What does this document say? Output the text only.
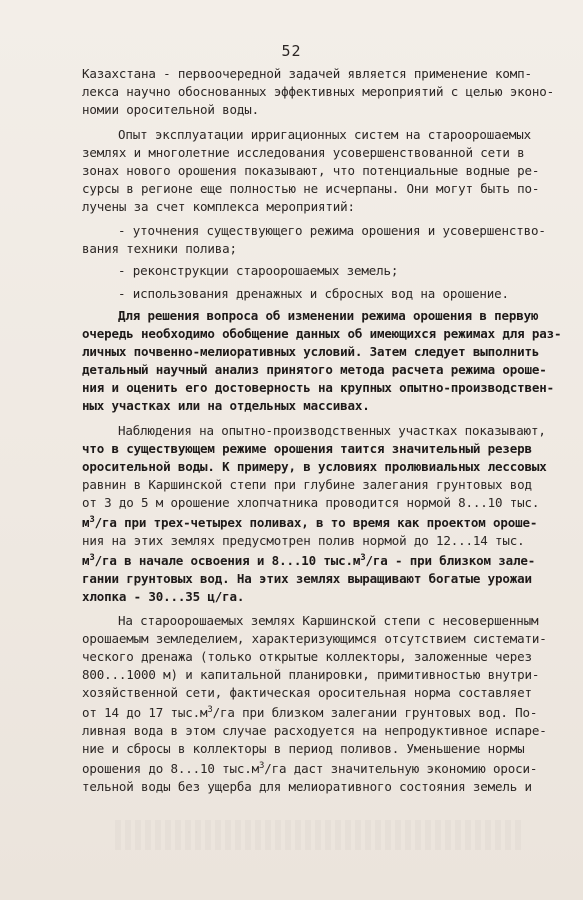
52
Казахстана - первоочередной задачей является применение комп-
лекса научно обоснованных эффективных мероприятий с целью эконо-
номии оросительной воды.
Опыт эксплуатации ирригационных систем на староорошаемых
землях и многолетние исследования усовершенствованной сети в
зонах нового орошения показывают, что потенциальные водные ре-
сурсы в регионе еще полностью не исчерпаны. Они могут быть по-
лучены за счет комплекса мероприятий:
- уточнения существующего режима орошения и усовершенство-
вания техники полива;
- реконструкции староорошаемых земель;
- использования дренажных и сбросных вод на орошение.
Для решения вопроса об изменении режима орошения в первую
очередь необходимо обобщение данных об имеющихся режимах для раз-
личных почвенно-мелиоративных условий. Затем следует выполнить
детальный научный анализ принятого метода расчета режима ороше-
ния и оценить его достоверность на крупных опытно-производствен-
ных участках или на отдельных массивах.
Наблюдения на опытно-производственных участках показывают,
что в существующем режиме орошения таится значительный резерв
оросительной воды. К примеру, в условиях пролювиальных лессовых
равнин в Каршинской степи при глубине залегания грунтовых вод
от 3 до 5 м орошение хлопчатника проводится нормой 8...10 тыс.
$м^3/га$ при трех-четырех поливах, в то время как проектом ороше-
ния на этих землях предусмотрен полив нормой до 12...14 тыс.
$м^3/га$ в начале освоения и 8...10 $тыс.м^3/га$ - при близком зале-
гании грунтовых вод. На этих землях выращивают богатые урожаи
хлопка - 30...35 ц/га.
На староорошаемых землях Каршинской степи с несовершенным
орошаемым земледелием, характеризующимся отсутствием системати-
ческого дренажа (только открытые коллекторы, заложенные через
800...1000 м) и капитальной планировки, примитивностью внутри-
хозяйственной сети, фактическая оросительная норма составляет
от 14 до 17 $тыс.м^3/га$ при близком залегании грунтовых вод. По-
ливная вода в этом случае расходуется на непродуктивное испаре-
ние и сбросы в коллекторы в период поливов. Уменьшение нормы
орошения до 8...10 $тыс.м^3/га$ даст значительную экономию ороси-
тельной воды без ущерба для мелиоративного состояния земель и
